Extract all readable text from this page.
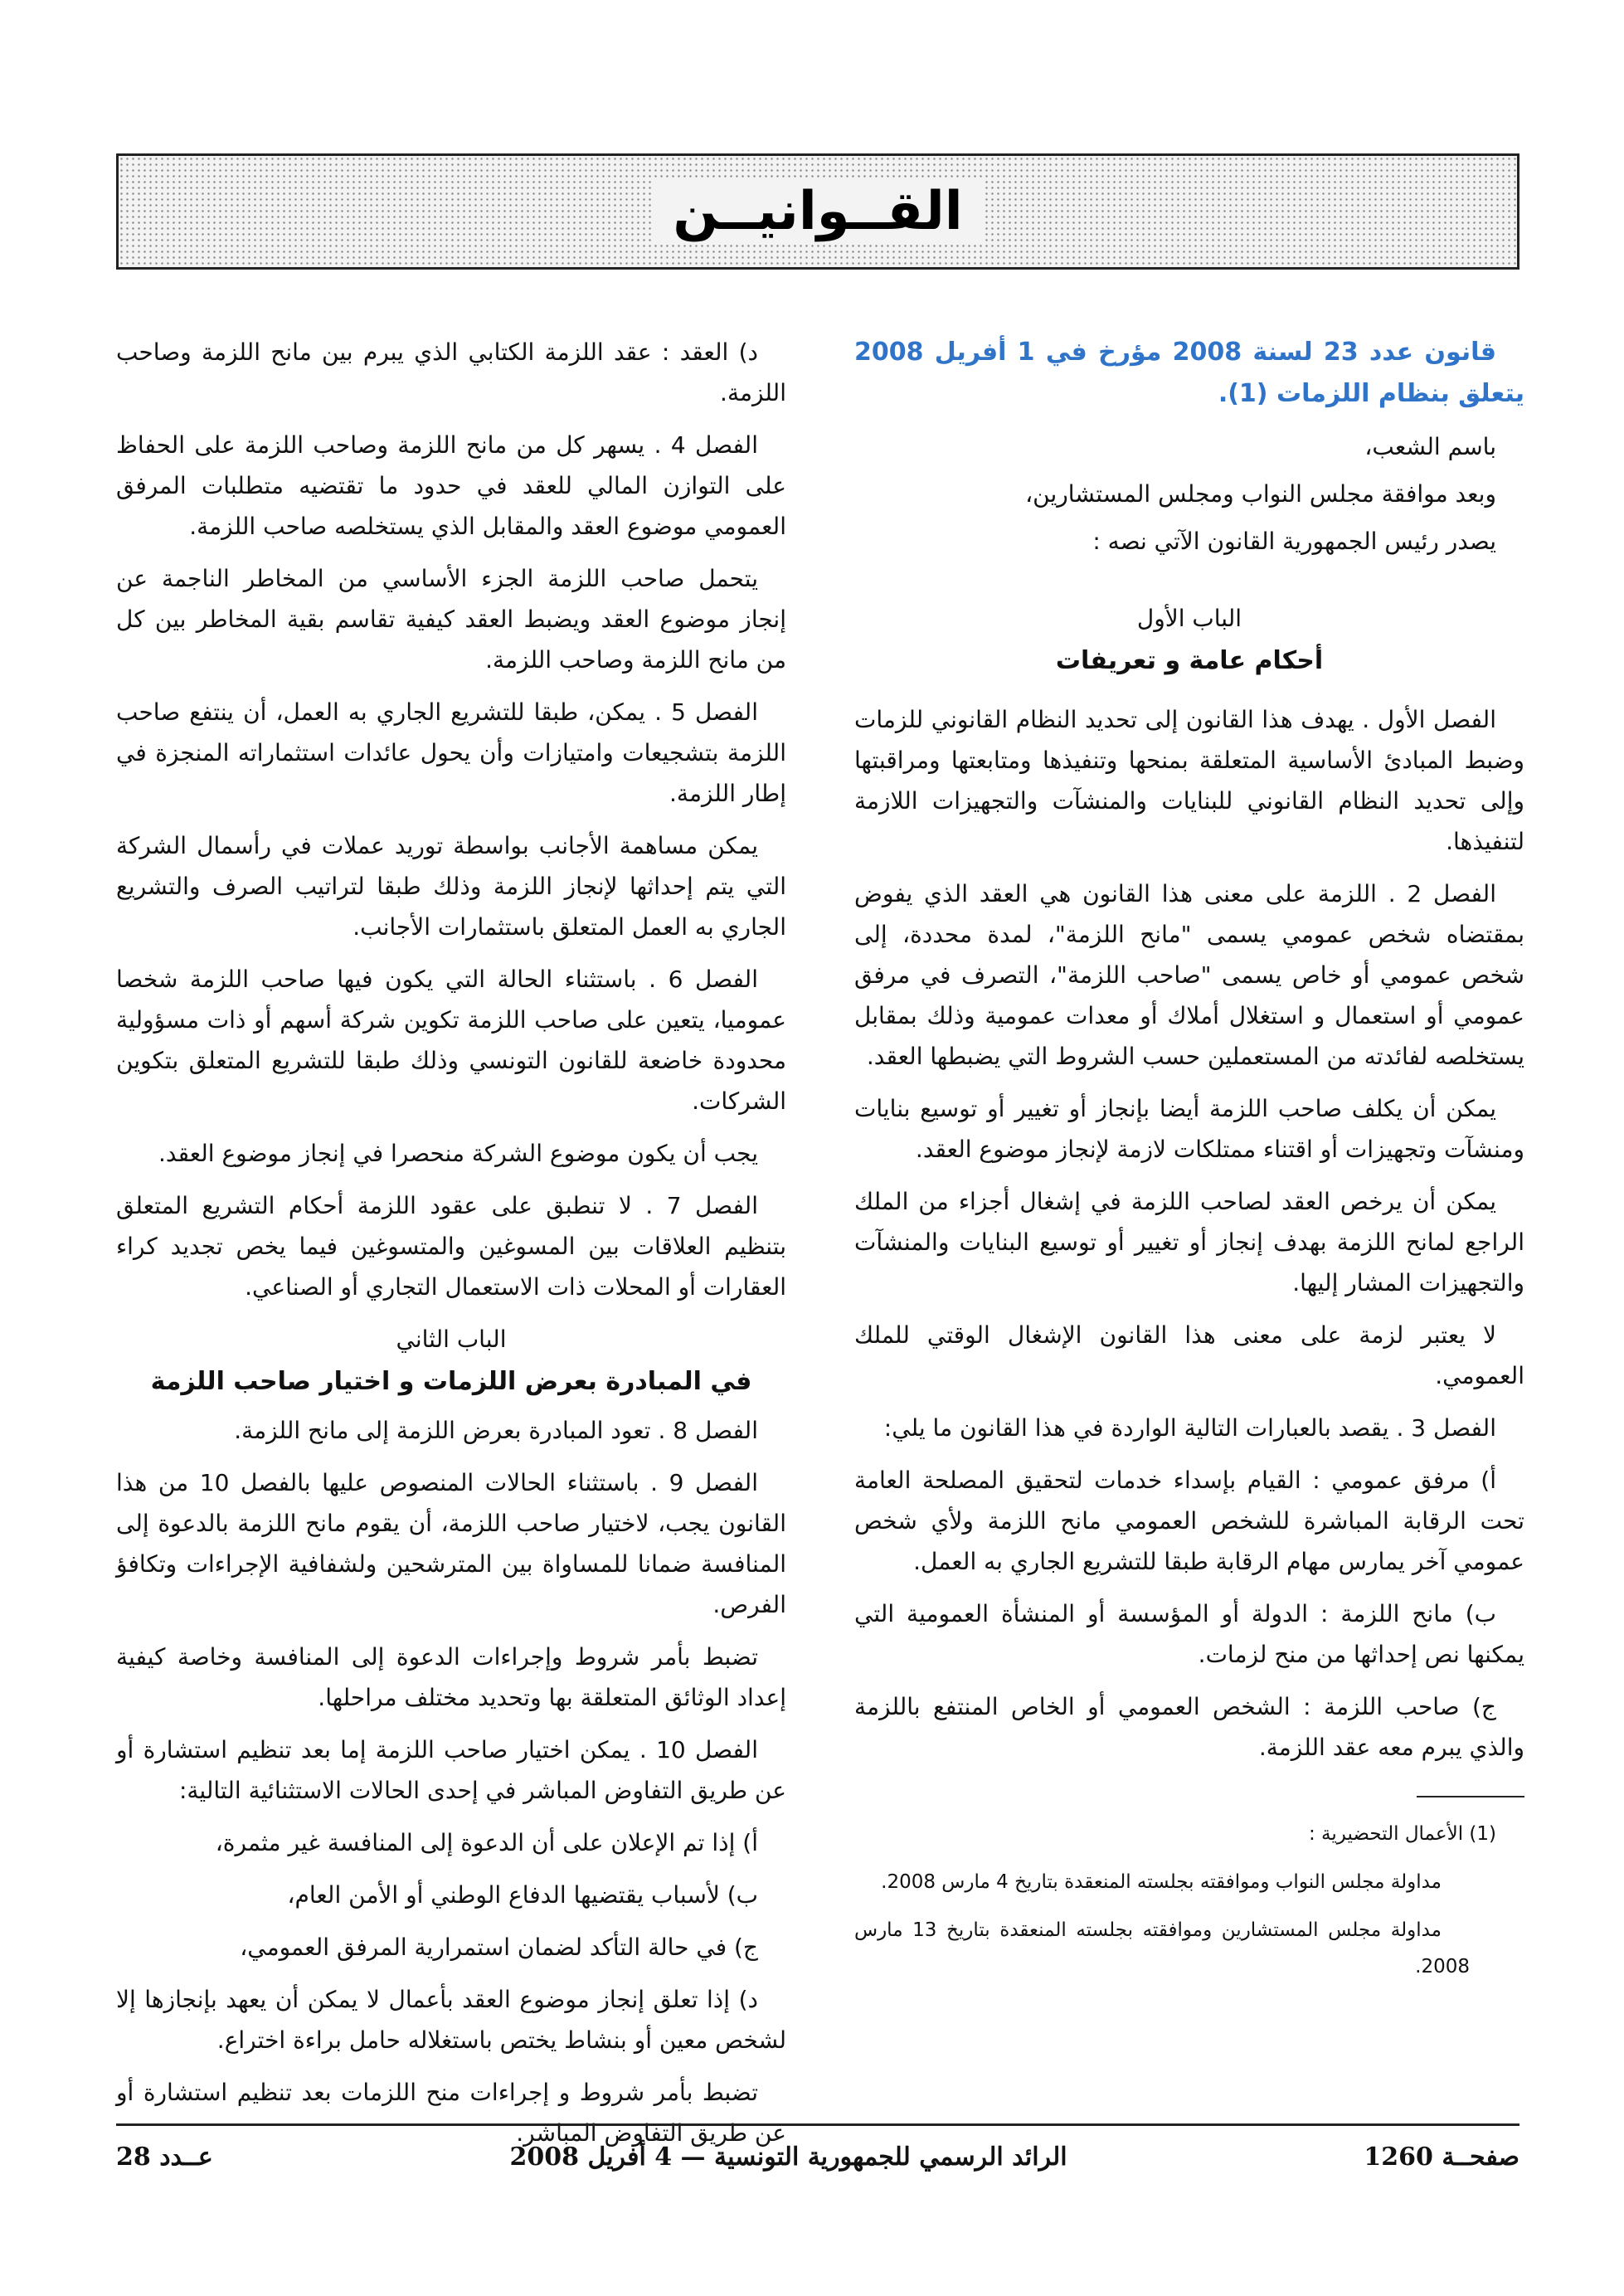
القــوانيــن

قانون عدد 23 لسنة 2008 مؤرخ في 1 أفريل 2008 يتعلق بنظام اللزمات (1).

باسم الشعب،

وبعد موافقة مجلس النواب ومجلس المستشارين،

يصدر رئيس الجمهورية القانون الآتي نصه :

الباب الأول
أحكام عامة و تعريفات

الفصل الأول . يهدف هذا القانون إلى تحديد النظام القانوني للزمات وضبط المبادئ الأساسية المتعلقة بمنحها وتنفيذها ومتابعتها ومراقبتها وإلى تحديد النظام القانوني للبنايات والمنشآت والتجهيزات اللازمة لتنفيذها.

الفصل 2 . اللزمة على معنى هذا القانون هي العقد الذي يفوض بمقتضاه شخص عمومي يسمى "مانح اللزمة"، لمدة محددة، إلى شخص عمومي أو خاص يسمى "صاحب اللزمة"، التصرف في مرفق عمومي أو استعمال و استغلال أملاك أو معدات عمومية وذلك بمقابل يستخلصه لفائدته من المستعملين حسب الشروط التي يضبطها العقد.

يمكن أن يكلف صاحب اللزمة أيضا بإنجاز أو تغيير أو توسيع بنايات ومنشآت وتجهيزات أو اقتناء ممتلكات لازمة لإنجاز موضوع العقد.

يمكن أن يرخص العقد لصاحب اللزمة في إشغال أجزاء من الملك الراجع لمانح اللزمة بهدف إنجاز أو تغيير أو توسيع البنايات والمنشآت والتجهيزات المشار إليها.

لا يعتبر لزمة على معنى هذا القانون الإشغال الوقتي للملك العمومي.

الفصل 3 . يقصد بالعبارات التالية الواردة في هذا القانون ما يلي:

أ) مرفق عمومي : القيام بإسداء خدمات لتحقيق المصلحة العامة تحت الرقابة المباشرة للشخص العمومي مانح اللزمة ولأي شخص عمومي آخر يمارس مهام الرقابة طبقا للتشريع الجاري به العمل.

ب) مانح اللزمة : الدولة أو المؤسسة أو المنشأة العمومية التي يمكنها نص إحداثها من منح لزمات.

ج) صاحب اللزمة : الشخص العمومي أو الخاص المنتفع باللزمة والذي يبرم معه عقد اللزمة.

(1) الأعمال التحضيرية :

مداولة مجلس النواب وموافقته بجلسته المنعقدة بتاريخ 4 مارس 2008.

مداولة مجلس المستشارين وموافقته بجلسته المنعقدة بتاريخ 13 مارس 2008.

د) العقد : عقد اللزمة الكتابي الذي يبرم بين مانح اللزمة وصاحب اللزمة.

الفصل 4 . يسهر كل من مانح اللزمة وصاحب اللزمة على الحفاظ على التوازن المالي للعقد في حدود ما تقتضيه متطلبات المرفق العمومي موضوع العقد والمقابل الذي يستخلصه صاحب اللزمة.

يتحمل صاحب اللزمة الجزء الأساسي من المخاطر الناجمة عن إنجاز موضوع العقد ويضبط العقد كيفية تقاسم بقية المخاطر بين كل من مانح اللزمة وصاحب اللزمة.

الفصل 5 . يمكن، طبقا للتشريع الجاري به العمل، أن ينتفع صاحب اللزمة بتشجيعات وامتيازات وأن يحول عائدات استثماراته المنجزة في إطار اللزمة.

يمكن مساهمة الأجانب بواسطة توريد عملات في رأسمال الشركة التي يتم إحداثها لإنجاز اللزمة وذلك طبقا لتراتيب الصرف والتشريع الجاري به العمل المتعلق باستثمارات الأجانب.

الفصل 6 . باستثناء الحالة التي يكون فيها صاحب اللزمة شخصا عموميا، يتعين على صاحب اللزمة تكوين شركة أسهم أو ذات مسؤولية محدودة خاضعة للقانون التونسي وذلك طبقا للتشريع المتعلق بتكوين الشركات.

يجب أن يكون موضوع الشركة منحصرا في إنجاز موضوع العقد.

الفصل 7 . لا تنطبق على عقود اللزمة أحكام التشريع المتعلق بتنظيم العلاقات بين المسوغين والمتسوغين فيما يخص تجديد كراء العقارات أو المحلات ذات الاستعمال التجاري أو الصناعي.

الباب الثاني
في المبادرة بعرض اللزمات و اختيار صاحب اللزمة

الفصل 8 . تعود المبادرة بعرض اللزمة إلى مانح اللزمة.

الفصل 9 . باستثناء الحالات المنصوص عليها بالفصل 10 من هذا القانون يجب، لاختيار صاحب اللزمة، أن يقوم مانح اللزمة بالدعوة إلى المنافسة ضمانا للمساواة بين المترشحين ولشفافية الإجراءات وتكافؤ الفرص.

تضبط بأمر شروط وإجراءات الدعوة إلى المنافسة وخاصة كيفية إعداد الوثائق المتعلقة بها وتحديد مختلف مراحلها.

الفصل 10 . يمكن اختيار صاحب اللزمة إما بعد تنظيم استشارة أو عن طريق التفاوض المباشر في إحدى الحالات الاستثنائية التالية:

أ) إذا تم الإعلان على أن الدعوة إلى المنافسة غير مثمرة،

ب) لأسباب يقتضيها الدفاع الوطني أو الأمن العام،

ج) في حالة التأكد لضمان استمرارية المرفق العمومي،

د) إذا تعلق إنجاز موضوع العقد بأعمال لا يمكن أن يعهد بإنجازها إلا لشخص معين أو بنشاط يختص باستغلاله حامل براءة اختراع.

تضبط بأمر شروط و إجراءات منح اللزمات بعد تنظيم استشارة أو عن طريق التفاوض المباشر.

صفحــة 1260
الرائد الرسمي للجمهورية التونسية — 4 أفريل 2008
عــدد 28
